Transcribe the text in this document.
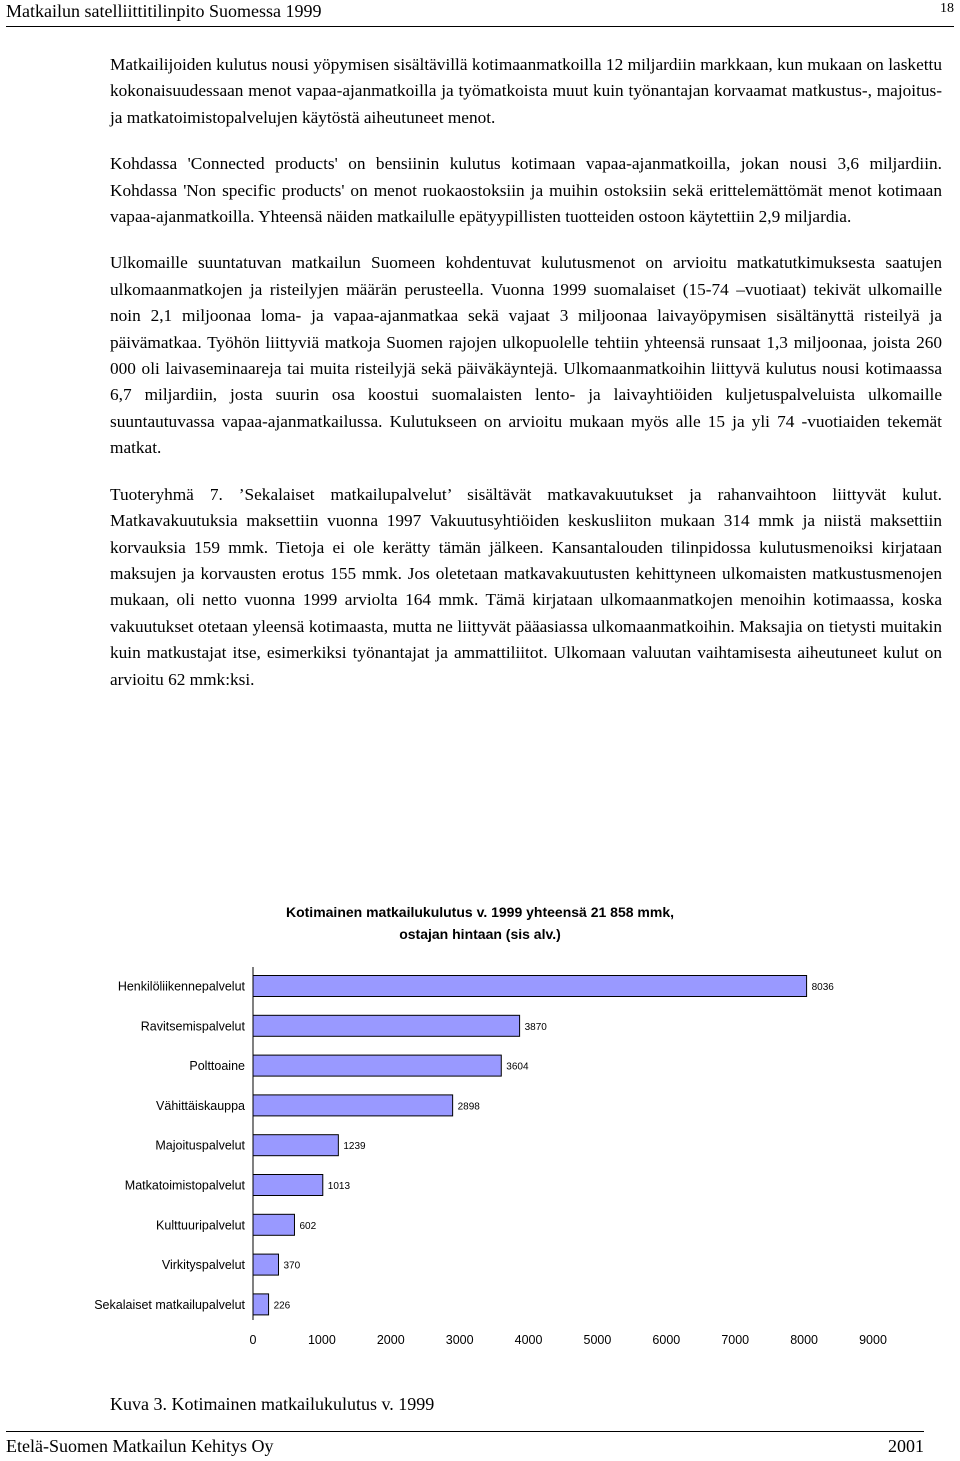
Matkailun satelliittitilinpito Suomessa 1999	18

Matkailijoiden kulutus nousi yöpymisen sisältävillä kotimaanmatkoilla 12 miljardiin markkaan, kun mukaan on laskettu kokonaisuudessaan menot vapaa-ajanmatkoilla ja työmatkoista muut kuin työnantajan korvaamat matkustus-, majoitus- ja matkatoimistopalvelujen käytöstä aiheutuneet menot.

Kohdassa 'Connected products' on bensiinin kulutus kotimaan vapaa-ajanmatkoilla, jokan nousi 3,6 miljardiin. Kohdassa 'Non specific products' on menot ruokaostoksiin ja muihin ostoksiin sekä erittelemättömät menot kotimaan vapaa-ajanmatkoilla. Yhteensä näiden matkailulle epätyypillisten tuotteiden ostoon käytettiin 2,9 miljardia.

Ulkomaille suuntatuvan matkailun Suomeen kohdentuvat kulutusmenot on arvioitu matkatutkimuksesta saatujen ulkomaanmatkojen ja risteilyjen määrän perusteella. Vuonna 1999 suomalaiset (15-74 –vuotiaat) tekivät ulkomaille noin 2,1 miljoonaa loma- ja vapaa-ajanmatkaa sekä vajaat 3 miljoonaa laivayöpymisen sisältänyttä risteilyä ja päivämatkaa. Työhön liittyviä matkoja Suomen rajojen ulkopuolelle tehtiin yhteensä runsaat 1,3 miljoonaa, joista 260 000 oli laivaseminaareja tai muita risteilyjä sekä päiväkäyntejä. Ulkomaanmatkoihin liittyvä kulutus nousi kotimaassa 6,7 miljardiin, josta suurin osa koostui suomalaisten lento- ja laivayhtiöiden kuljetuspalveluista ulkomaille suuntautuvassa vapaa-ajanmatkailussa. Kulutukseen on arvioitu mukaan myös alle 15 ja yli 74 -vuotiaiden tekemät matkat.

Tuoteryhmä 7. ’Sekalaiset matkailupalvelut’ sisältävät matkavakuutukset ja rahanvaihtoon liittyvät kulut. Matkavakuutuksia maksettiin vuonna 1997 Vakuutusyhtiöiden keskusliiton mukaan 314 mmk ja niistä maksettiin korvauksia 159 mmk. Tietoja ei ole kerätty tämän jälkeen. Kansantalouden tilinpidossa kulutusmenoiksi kirjataan maksujen ja korvausten erotus 155 mmk. Jos oletetaan matkavakuutusten kehittyneen ulkomaisten matkustusmenojen mukaan, oli netto vuonna 1999 arviolta 164 mmk. Tämä kirjataan ulkomaanmatkojen menoihin kotimaassa, koska vakuutukset otetaan yleensä kotimaasta, mutta ne liittyvät pääasiassa ulkomaanmatkoihin. Maksajia on tietysti muitakin kuin matkustajat itse, esimerkiksi työnantajat ja ammattiliitot. Ulkomaan valuutan vaihtamisesta aiheutuneet kulut on arvioitu 62 mmk:ksi.

Kotimainen matkailukulutus v. 1999 yhteensä 21 858 mmk,
ostajan hintaan (sis alv.)
Henkilöliikennepalvelut	8036
Ravitsemispalvelut	3870
Polttoaine	3604
Vähittäiskauppa	2898
Majoituspalvelut	1239
Matkatoimistopalvelut	1013
Kulttuuripalvelut	602
Virkityspalvelut	370
Sekalaiset matkailupalvelut	226
0	1000	2000	3000	4000	5000	6000	7000	8000	9000
Kuva 3. Kotimainen matkailukulutus v. 1999
Etelä-Suomen Matkailun Kehitys Oy	2001
